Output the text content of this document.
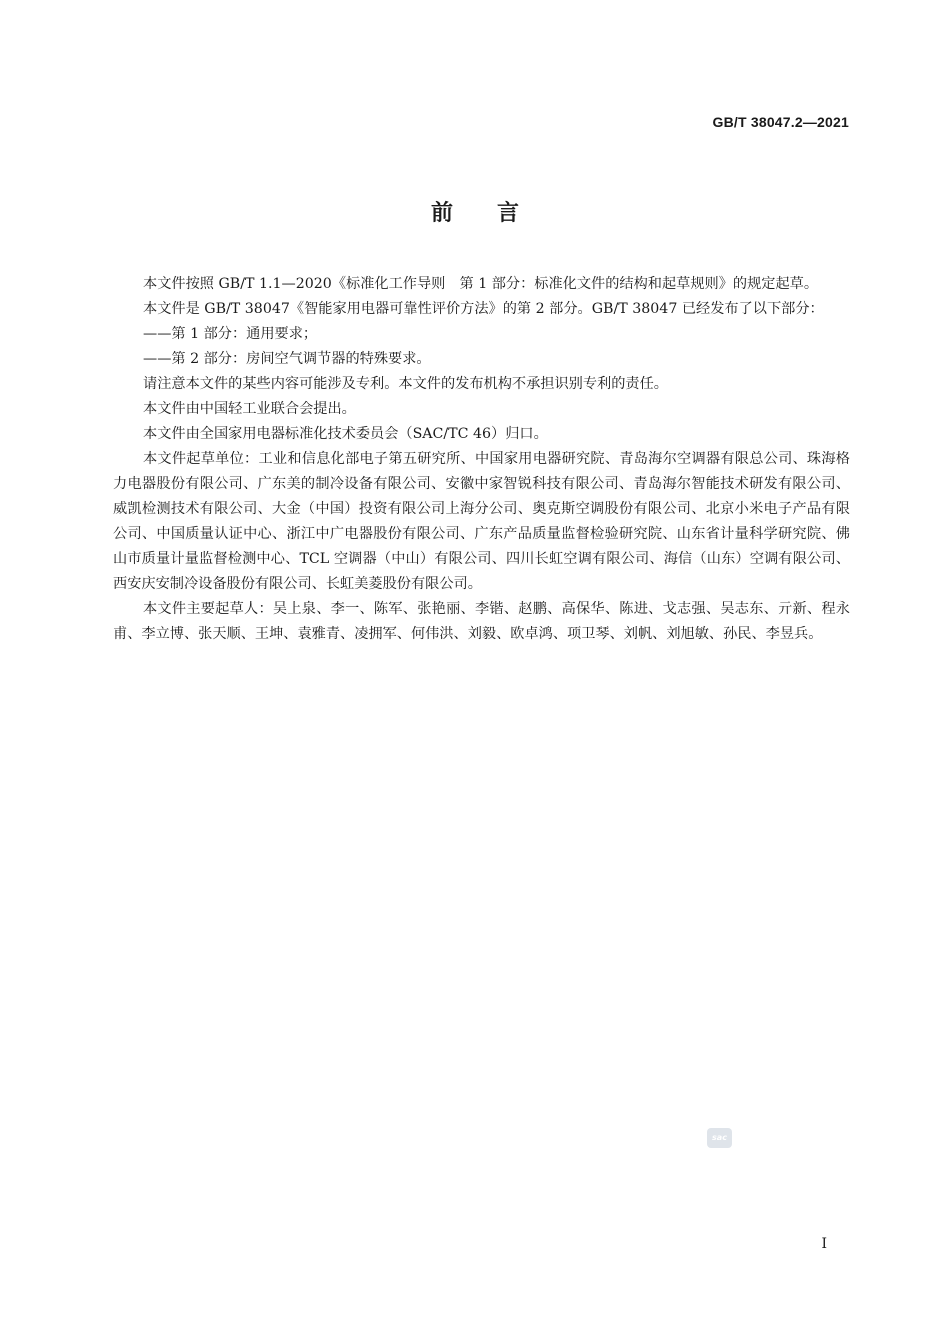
GB/T 38047.2—2021
前言

本文件按照 GB/T 1.1—2020《标准化工作导则　第 1 部分：标准化文件的结构和起草规则》的规定起草。

本文件是 GB/T 38047《智能家用电器可靠性评价方法》的第 2 部分。GB/T 38047 已经发布了以下部分：

——第 1 部分：通用要求；

——第 2 部分：房间空气调节器的特殊要求。

请注意本文件的某些内容可能涉及专利。本文件的发布机构不承担识别专利的责任。

本文件由中国轻工业联合会提出。

本文件由全国家用电器标准化技术委员会（SAC/TC 46）归口。

本文件起草单位：工业和信息化部电子第五研究所、中国家用电器研究院、青岛海尔空调器有限总公司、珠海格力电器股份有限公司、广东美的制冷设备有限公司、安徽中家智锐科技有限公司、青岛海尔智能技术研发有限公司、威凯检测技术有限公司、大金（中国）投资有限公司上海分公司、奥克斯空调股份有限公司、北京小米电子产品有限公司、中国质量认证中心、浙江中广电器股份有限公司、广东产品质量监督检验研究院、山东省计量科学研究院、佛山市质量计量监督检测中心、TCL 空调器（中山）有限公司、四川长虹空调有限公司、海信（山东）空调有限公司、西安庆安制冷设备股份有限公司、长虹美菱股份有限公司。

本文件主要起草人：吴上泉、李一、陈军、张艳丽、李锴、赵鹏、高保华、陈进、戈志强、吴志东、亓新、程永甫、李立博、张天顺、王坤、袁雅青、凌拥军、何伟洪、刘毅、欧卓鸿、项卫琴、刘帆、刘旭敏、孙民、李昱兵。

sac
I
